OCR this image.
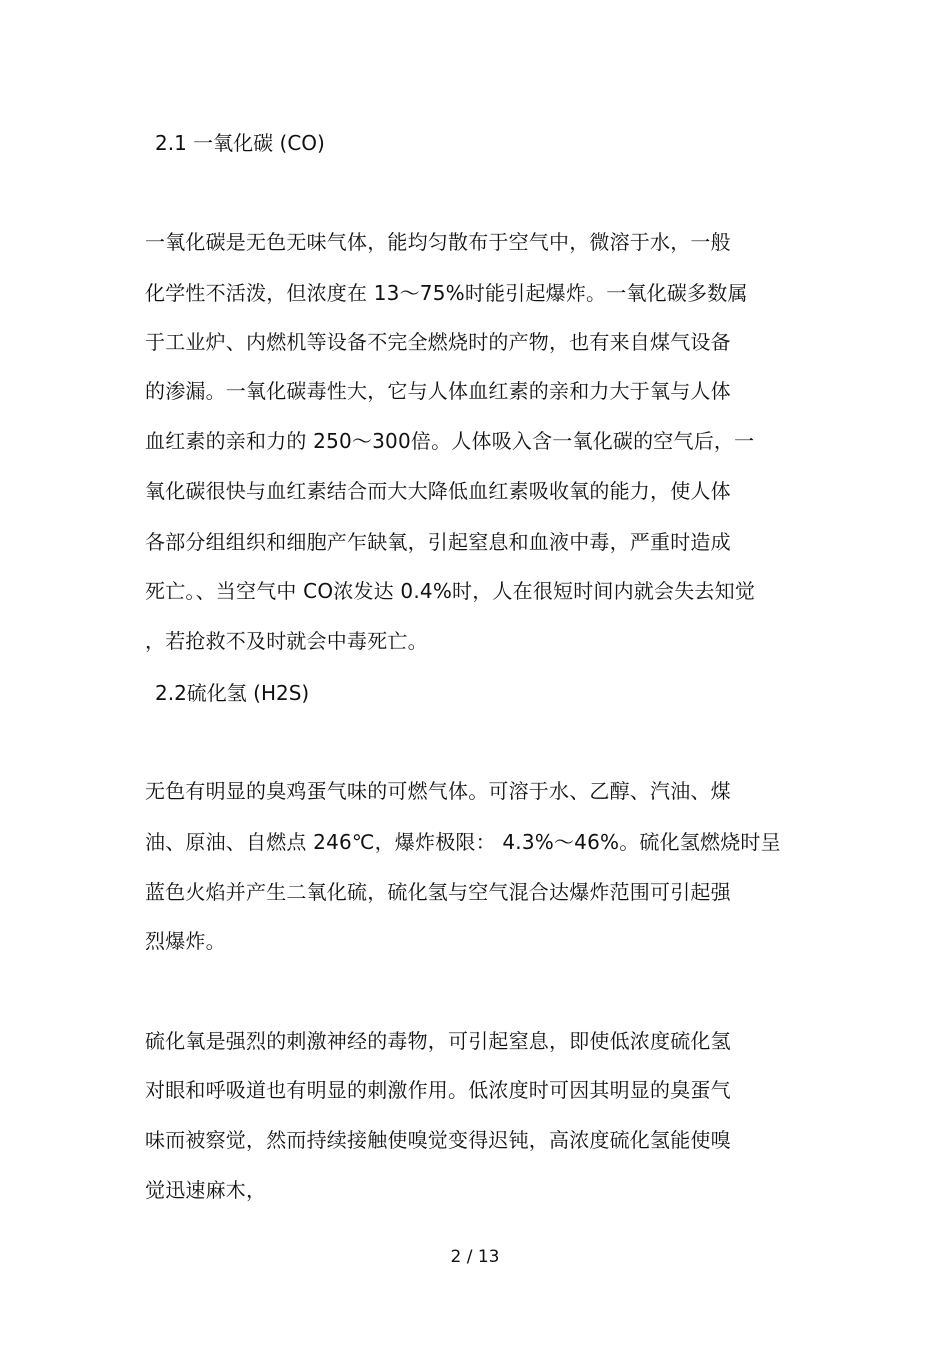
2.1 一氧化碳 (CO)
一氧化碳是无色无味气体，能均匀散布于空气中，微溶于水，一般
化学性不活泼，但浓度在 13～75%时能引起爆炸。一氧化碳多数属
于工业炉、内燃机等设备不完全燃烧时的产物，也有来自煤气设备
的渗漏。一氧化碳毒性大，它与人体血红素的亲和力大于氧与人体
血红素的亲和力的 250～300倍。人体吸入含一氧化碳的空气后，一
氧化碳很快与血红素结合而大大降低血红素吸收氧的能力，使人体
各部分组组织和细胞产乍缺氧，引起窒息和血液中毒，严重时造成
死亡。、当空气中 CO浓发达 0.4%时，人在很短时间内就会失去知觉
，若抢救不及时就会中毒死亡。
2.2硫化氢 (H2S)
无色有明显的臭鸡蛋气味的可燃气体。可溶于水、乙醇、汽油、煤
油、原油、自燃点 246℃，爆炸极限： 4.3%～46%。硫化氢燃烧时呈
蓝色火焰并产生二氧化硫，硫化氢与空气混合达爆炸范围可引起强
烈爆炸。
硫化氧是强烈的刺激神经的毒物，可引起窒息，即使低浓度硫化氢
对眼和呼吸道也有明显的刺激作用。低浓度时可因其明显的臭蛋气
味而被察觉，然而持续接触使嗅觉变得迟钝，高浓度硫化氢能使嗅
觉迅速麻木，
2 / 13
